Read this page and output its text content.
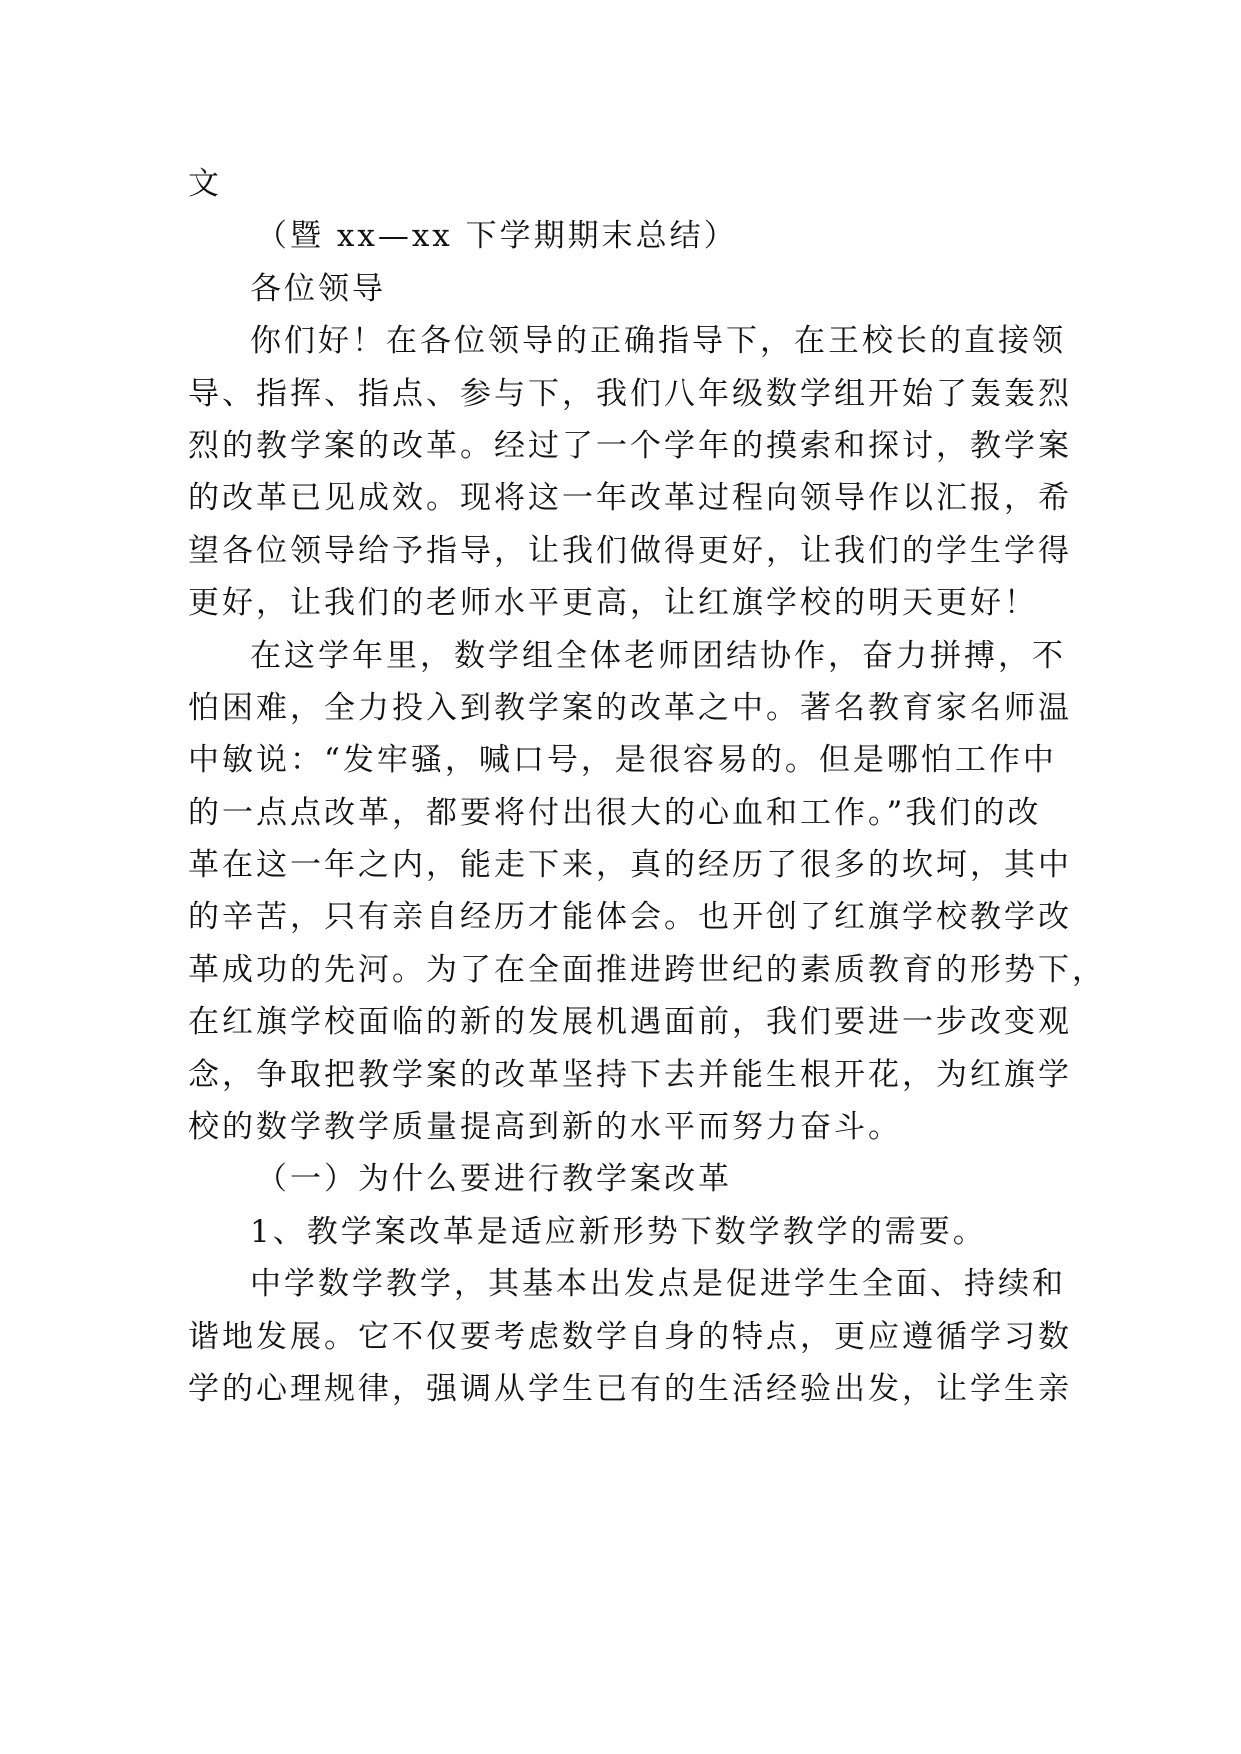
文
（暨 xx—xx 下学期期末总结）
各位领导
你们好！在各位领导的正确指导下，在王校长的直接领
导、指挥、指点、参与下，我们八年级数学组开始了轰轰烈
烈的教学案的改革。经过了一个学年的摸索和探讨，教学案
的改革已见成效。现将这一年改革过程向领导作以汇报，希
望各位领导给予指导，让我们做得更好，让我们的学生学得
更好，让我们的老师水平更高，让红旗学校的明天更好！
在这学年里，数学组全体老师团结协作，奋力拼搏，不
怕困难，全力投入到教学案的改革之中。著名教育家名师温
中敏说：“发牢骚，喊口号，是很容易的。但是哪怕工作中
的一点点改革，都要将付出很大的心血和工作。”我们的改
革在这一年之内，能走下来，真的经历了很多的坎坷，其中
的辛苦，只有亲自经历才能体会。也开创了红旗学校教学改
革成功的先河。为了在全面推进跨世纪的素质教育的形势下，
在红旗学校面临的新的发展机遇面前，我们要进一步改变观
念，争取把教学案的改革坚持下去并能生根开花，为红旗学
校的数学教学质量提高到新的水平而努力奋斗。
（一）为什么要进行教学案改革
1、教学案改革是适应新形势下数学教学的需要。
中学数学教学，其基本出发点是促进学生全面、持续和
谐地发展。它不仅要考虑数学自身的特点，更应遵循学习数
学的心理规律，强调从学生已有的生活经验出发，让学生亲
